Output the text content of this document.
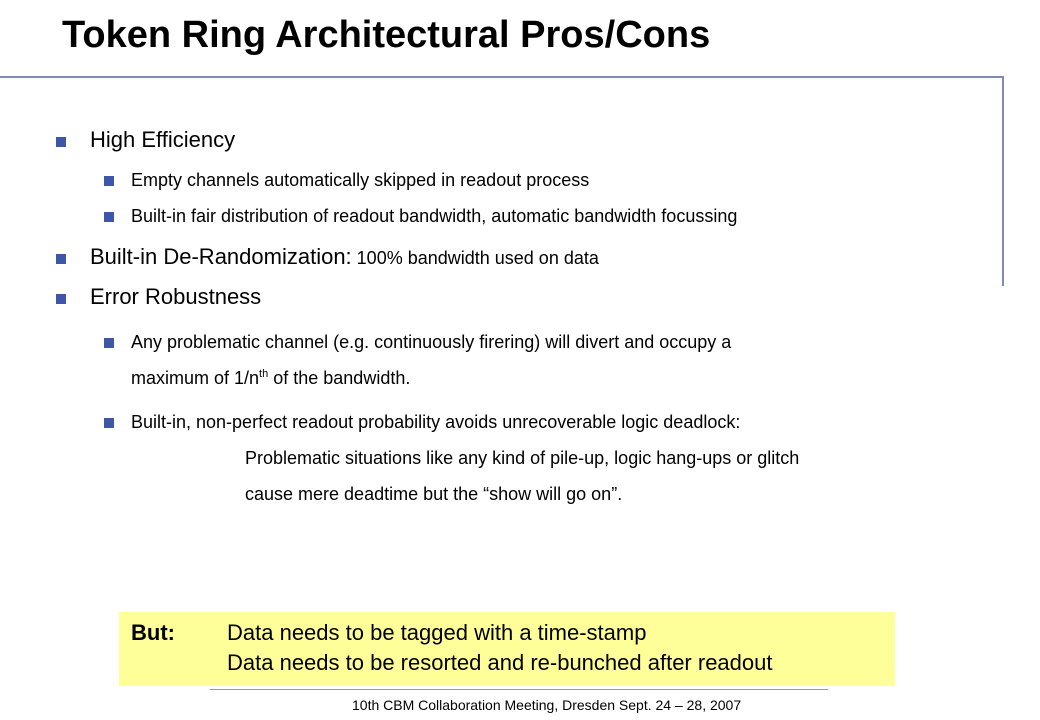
Token Ring Architectural Pros/Cons
High Efficiency
Empty channels automatically skipped in readout process
Built-in fair distribution of readout bandwidth, automatic bandwidth focussing
Built-in De-Randomization: 100% bandwidth used on data
Error Robustness
Any problematic channel (e.g. continuously firering) will divert and occupy a
maximum of $1/n^{th}$ of the bandwidth.
Built-in, non-perfect readout probability avoids unrecoverable logic deadlock:
Problematic situations like any kind of pile-up, logic hang-ups or glitch
cause mere deadtime but the “show will go on”.
But: Data needs to be tagged with a time-stamp
Data needs to be resorted and re-bunched after readout
10th CBM Collaboration Meeting, Dresden Sept. 24 – 28, 2007
